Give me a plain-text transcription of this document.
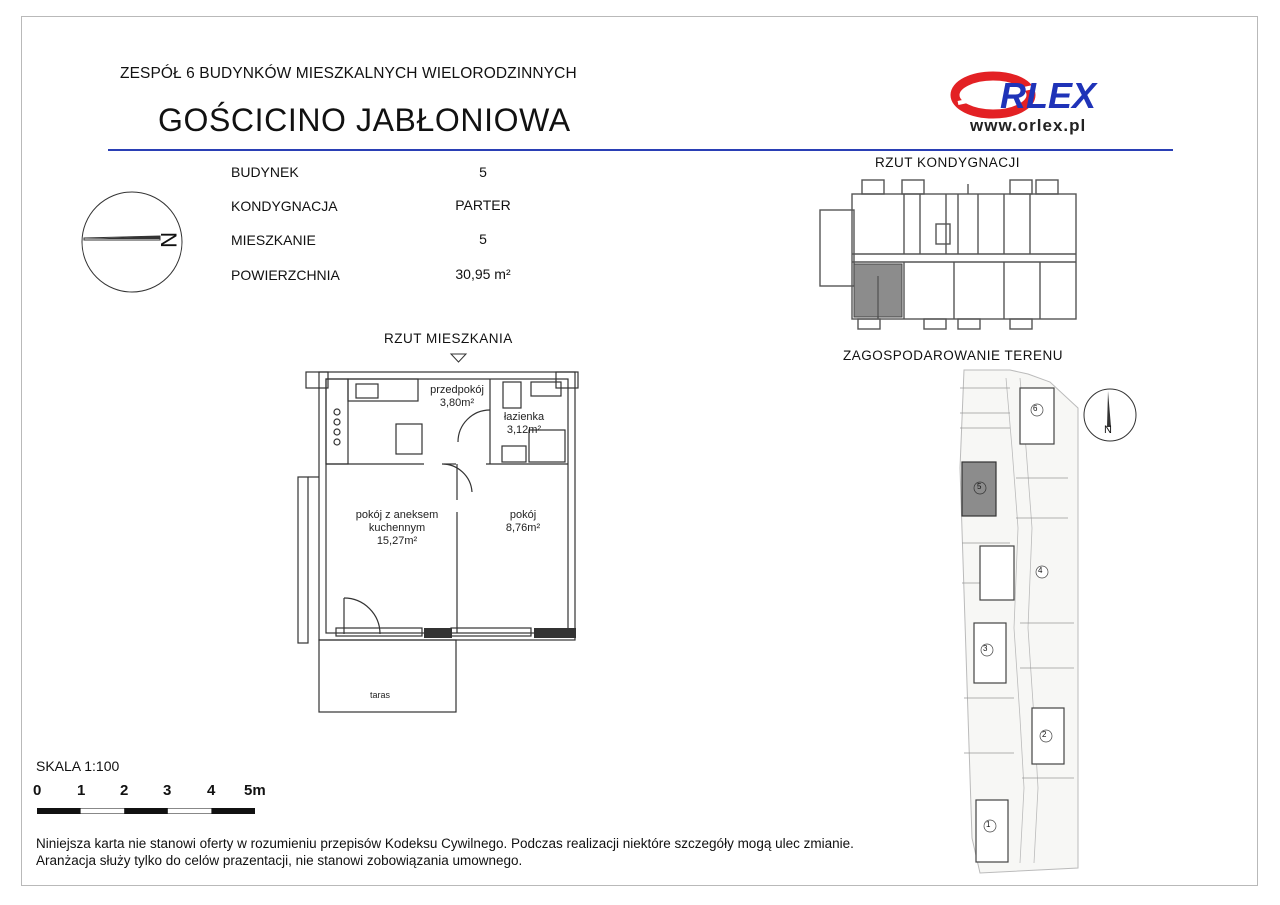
ZESPÓŁ 6 BUDYNKÓW MIESZKALNYCH WIELORODZINNYCH
GOŚCICINO JABŁONIOWA
RLEX
www.orlex.pl
N
BUDYNEK	5
KONDYGNACJA	PARTER
MIESZKANIE	5
POWIERZCHNIA	30,95 m²
RZUT KONDYGNACJI
RZUT MIESZKANIA
ZAGOSPODAROWANIE TERENU
przedpokój
3,80m²
łazienka
3,12m²
pokój z aneksem
kuchennym
15,27m²
pokój
8,76m²
taras
6
5
4
3
2
1
N
SKALA 1:100
0 1 2 3 4 5m
Niniejsza karta nie stanowi oferty w rozumieniu przepisów Kodeksu Cywilnego. Podczas realizacji niektóre szczegóły mogą ulec zmianie.
Aranżacja służy tylko do celów prazentacji, nie stanowi zobowiązania umownego.
